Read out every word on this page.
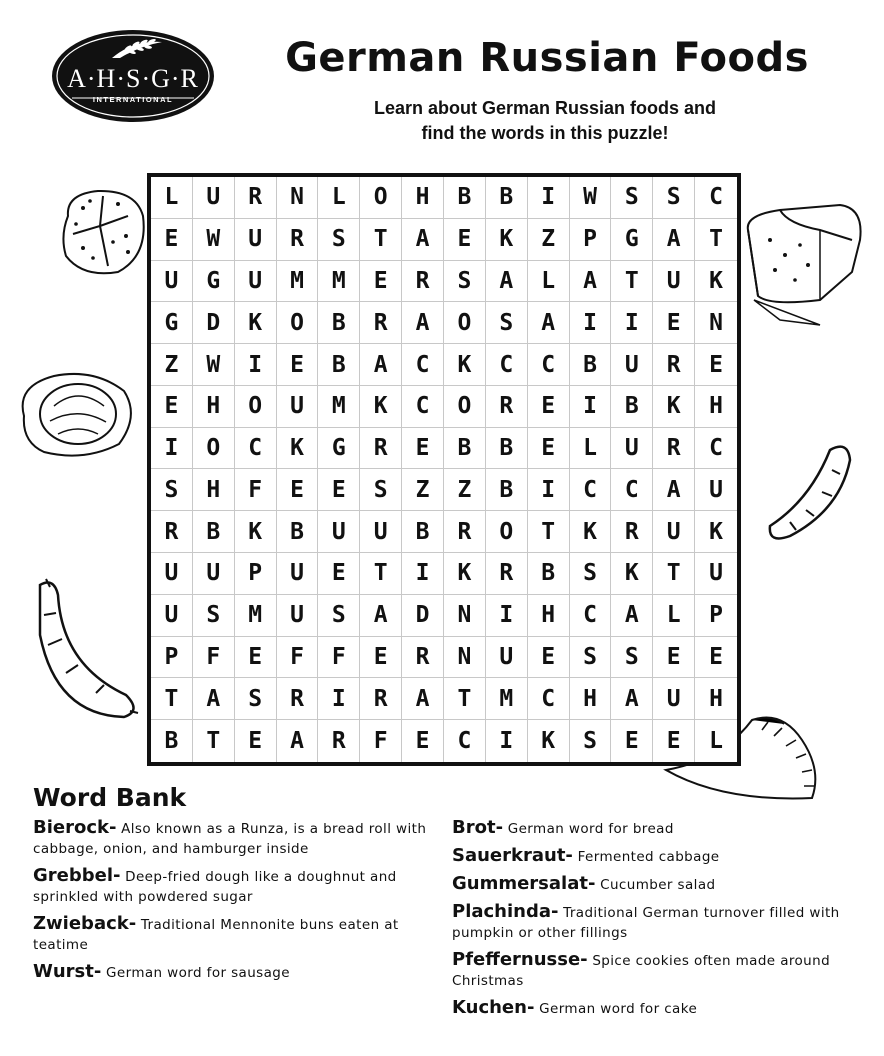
A·H·S·G·R
INTERNATIONAL
German Russian Foods
Learn about German Russian foods and
find the words in this puzzle!
L	U	R	N	L	O	H	B	B	I	W	S	S	C
E	W	U	R	S	T	A	E	K	Z	P	G	A	T
U	G	U	M	M	E	R	S	A	L	A	T	U	K
G	D	K	O	B	R	A	O	S	A	I	I	E	N
Z	W	I	E	B	A	C	K	C	C	B	U	R	E
E	H	O	U	M	K	C	O	R	E	I	B	K	H
I	O	C	K	G	R	E	B	B	E	L	U	R	C
S	H	F	E	E	S	Z	Z	B	I	C	C	A	U
R	B	K	B	U	U	B	R	O	T	K	R	U	K
U	U	P	U	E	T	I	K	R	B	S	K	T	U
U	S	M	U	S	A	D	N	I	H	C	A	L	P
P	F	E	F	F	E	R	N	U	E	S	S	E	E
T	A	S	R	I	R	A	T	M	C	H	A	U	H
B	T	E	A	R	F	E	C	I	K	S	E	E	L
Word Bank
Bierock- Also known as a Runza, is a bread roll with cabbage, onion, and hamburger inside
Grebbel- Deep-fried dough like a doughnut and sprinkled with powdered sugar
Zwieback- Traditional Mennonite buns eaten at teatime
Wurst- German word for sausage
Brot- German word for bread
Sauerkraut- Fermented cabbage
Gummersalat- Cucumber salad
Plachinda- Traditional German turnover filled with pumpkin or other fillings
Pfeffernusse- Spice cookies often made around Christmas
Kuchen- German word for cake
